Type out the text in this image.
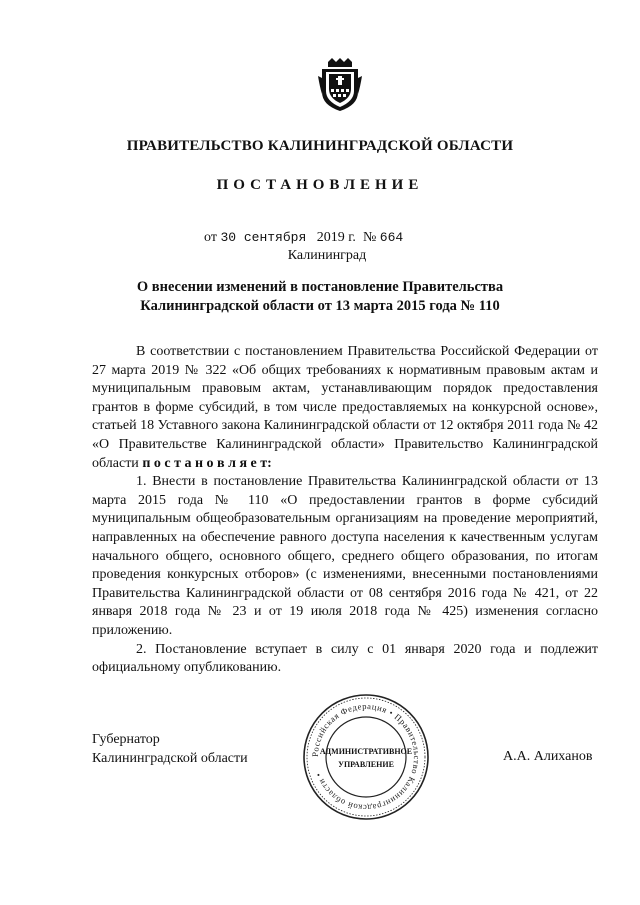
ПРАВИТЕЛЬСТВО КАЛИНИНГРАДСКОЙ ОБЛАСТИ
ПОСТАНОВЛЕНИЕ
от 30 сентября 2019 г. № 664
Калининград
О внесении изменений в постановление Правительства
Калининградской области от 13 марта 2015 года № 110

В соответствии с постановлением Правительства Российской Федерации от 27 марта 2019 № 322 «Об общих требованиях к нормативным правовым актам и муниципальным правовым актам, устанавливающим порядок предоставления грантов в форме субсидий, в том числе предоставляемых на конкурсной основе», статьей 18 Уставного закона Калининградской области от 12 октября 2011 года № 42 «О Правительстве Калининградской области» Правительство Калининградской области п о с т а н о в л я е т:

1. Внести в постановление Правительства Калининградской области от 13 марта 2015 года № 110 «О предоставлении грантов в форме субсидий муниципальным общеобразовательным организациям на проведение мероприятий, направленных на обеспечение равного доступа населения к качественным услугам начального общего, основного общего, среднего общего образования, по итогам проведения конкурсных отборов» (с изменениями, внесенными постановлениями Правительства Калининградской области от 08 сентября 2016 года № 421, от 22 января 2018 года № 23 и от 19 июля 2018 года № 425) изменения согласно приложению.

2. Постановление вступает в силу с 01 января 2020 года и подлежит официальному опубликованию.

Губернатор
Калининградской области	Российская Федерация • Правительство Калининградской области •
АДМИНИСТРАТИВНОЕ
УПРАВЛЕНИЕ
А.А. Алиханов
